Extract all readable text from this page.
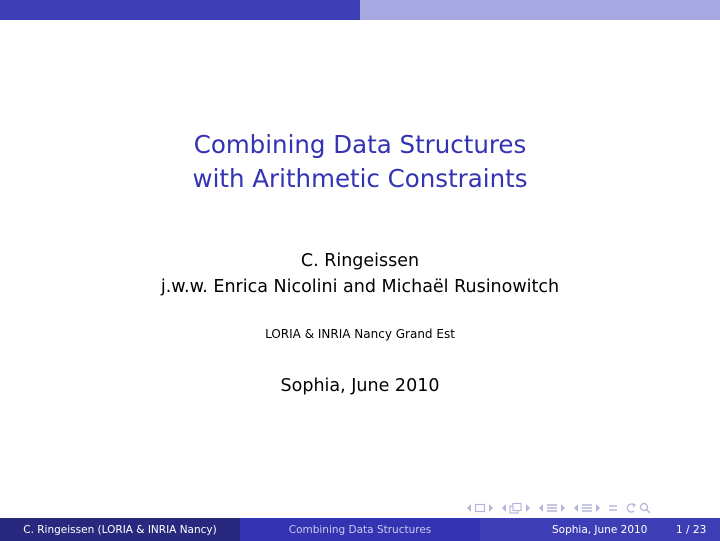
Combining Data Structures
with Arithmetic Constraints
C. Ringeissen
j.w.w. Enrica Nicolini and Michaël Rusinowitch
LORIA & INRIA Nancy Grand Est
Sophia, June 2010
C. Ringeissen (LORIA & INRIA Nancy)	Combining Data Structures	Sophia, June 2010	1 / 23
